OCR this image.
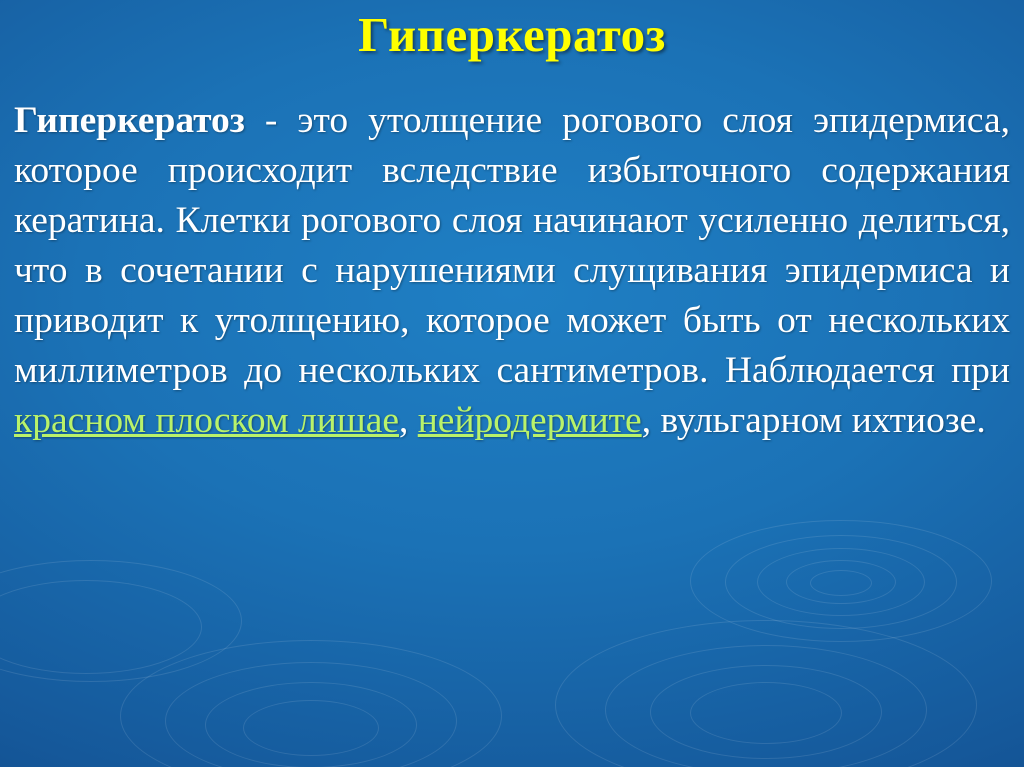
Гиперкератоз

Гиперкератоз - это утолщение рогового слоя эпидермиса, которое происходит вследствие избыточного содержания кератина. Клетки рогового слоя начинают усиленно делиться, что в сочетании с нарушениями слущивания эпидермиса и приводит к утолщению, которое может быть от нескольких миллиметров до нескольких сантиметров. Наблюдается при красном плоском лишае, нейродермите, вульгарном ихтиозе.
